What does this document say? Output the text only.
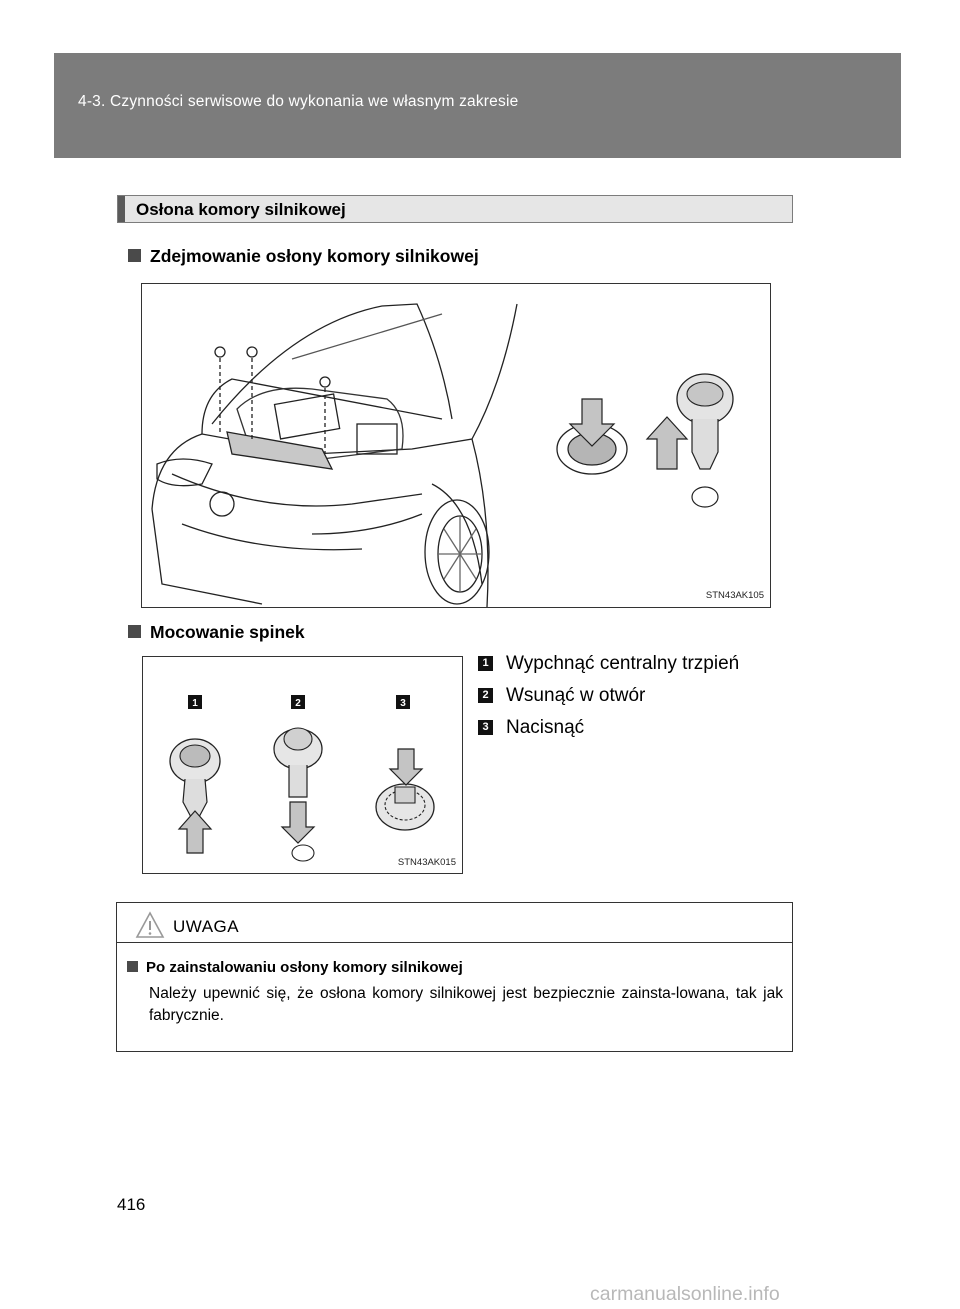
4-3. Czynności serwisowe do wykonania we własnym zakresie
Osłona komory silnikowej
Zdejmowanie osłony komory silnikowej
STN43AK105
Mocowanie spinek
1	2	3
STN43AK015
1 Wypchnąć centralny trzpień
2 Wsunąć w otwór
3 Nacisnąć
UWAGA
Po zainstalowaniu osłony komory silnikowej
Należy upewnić się, że osłona komory silnikowej jest bezpiecznie zainsta-lowana, tak jak fabrycznie.
416
carmanualsonline.info
